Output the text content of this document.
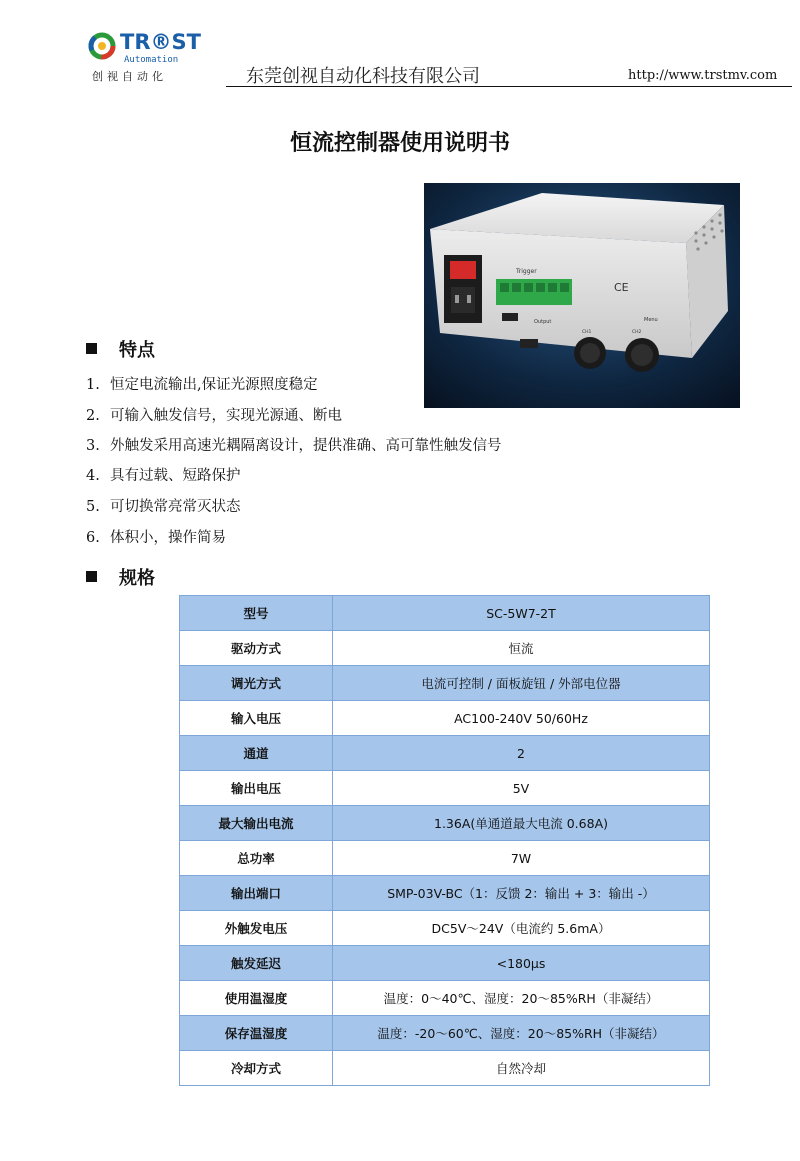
TR®ST
Automation
创视自动化	东莞创视自动化科技有限公司	http://www.trstmv.com
恒流控制器使用说明书
Trigger
Output
CE
Menu
CH1	CH2
特点
1. 恒定电流输出,保证光源照度稳定
2. 可输入触发信号，实现光源通、断电
3. 外触发采用高速光耦隔离设计，提供准确、高可靠性触发信号
4. 具有过载、短路保护
5. 可切换常亮常灭状态
6. 体积小，操作简易
规格
型号	SC-5W7-2T
驱动方式	恒流
调光方式	电流可控制 / 面板旋钮 / 外部电位器
输入电压	AC100-240V 50/60Hz
通道	2
输出电压	5V
最大输出电流	1.36A(单通道最大电流 0.68A)
总功率	7W
输出端口	SMP-03V-BC（1：反馈 2：输出 + 3：输出 -）
外触发电压	DC5V～24V（电流约 5.6mA）
触发延迟	<180μs
使用温湿度	温度：0～40℃、湿度：20～85%RH（非凝结）
保存温湿度	温度：-20～60℃、湿度：20～85%RH（非凝结）
冷却方式	自然冷却
